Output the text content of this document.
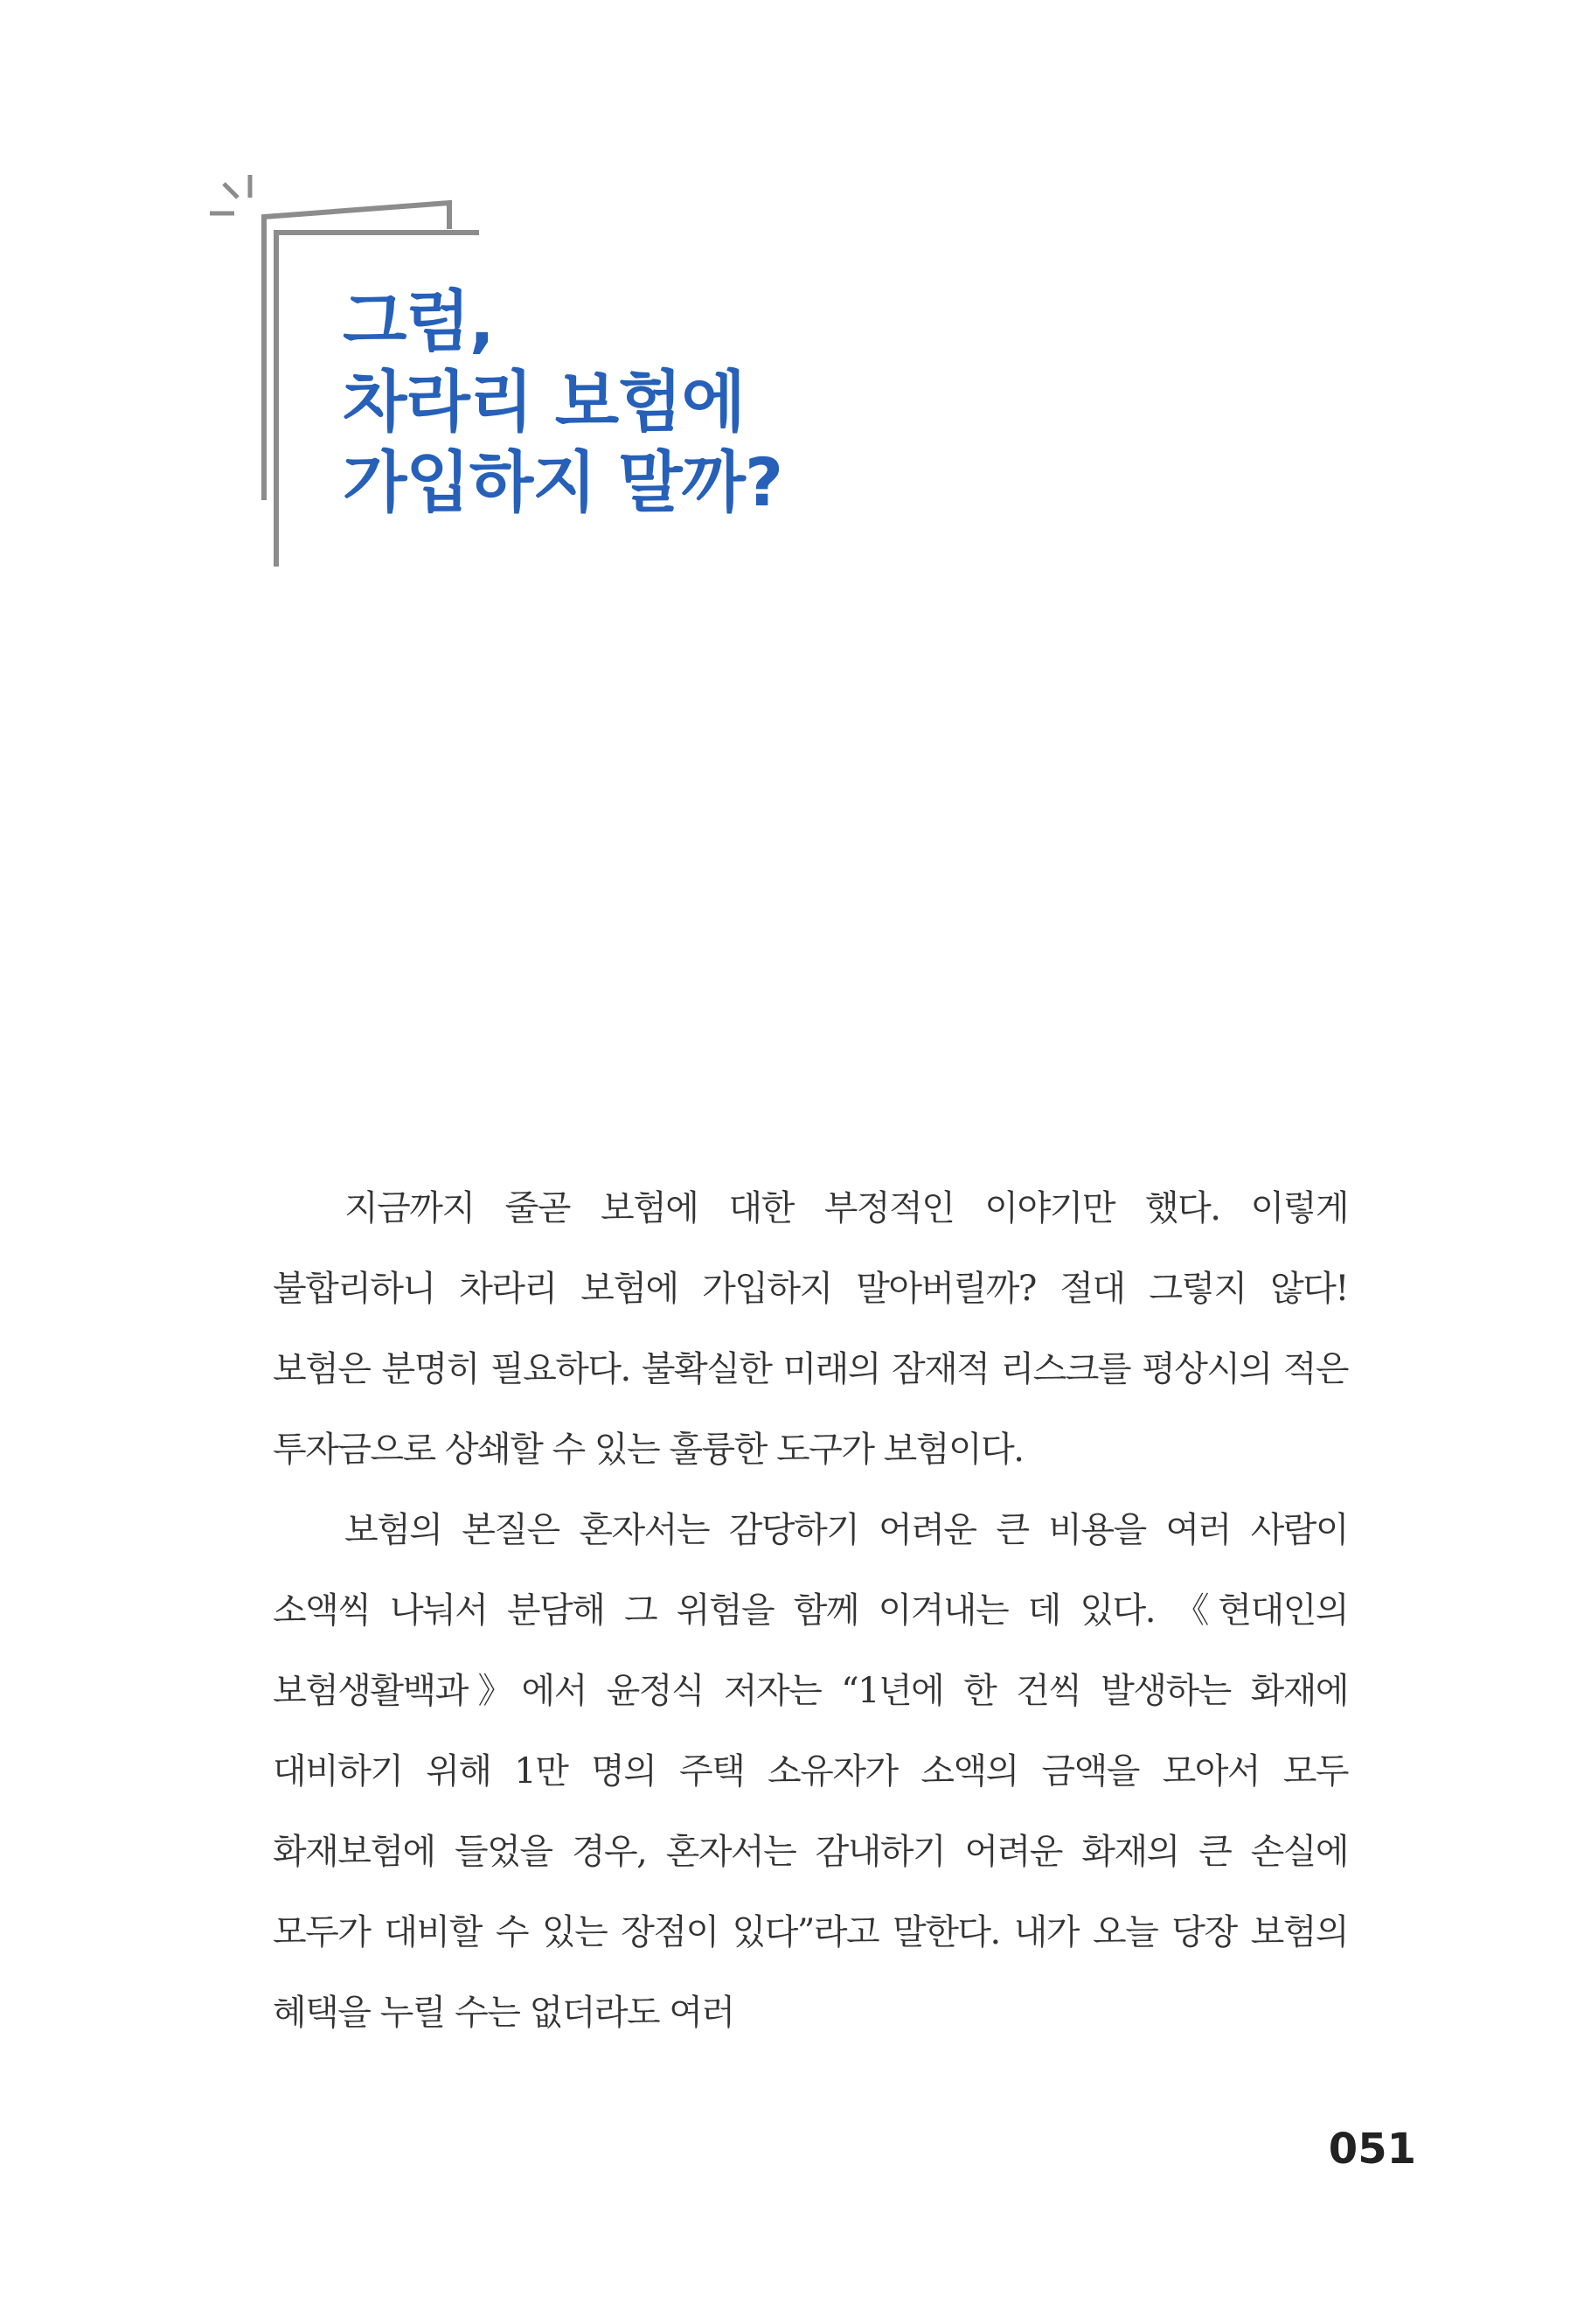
그럼,
차라리 보험에
가입하지 말까?

지금까지 줄곧 보험에 대한 부정적인 이야기만 했다. 이렇게 불합리하니 차라리 보험에 가입하지 말아버릴까? 절대 그렇지 않다! 보험은 분명히 필요하다. 불확실한 미래의 잠재적 리스크를 평상시의 적은 투자금으로 상쇄할 수 있는 훌륭한 도구가 보험이다.

보험의 본질은 혼자서는 감당하기 어려운 큰 비용을 여러 사람이 소액씩 나눠서 분담해 그 위험을 함께 이겨내는 데 있다. 《현대인의 보험생활백과》에서 윤정식 저자는 “1년에 한 건씩 발생하는 화재에 대비하기 위해 1만 명의 주택 소유자가 소액의 금액을 모아서 모두 화재보험에 들었을 경우, 혼자서는 감내하기 어려운 화재의 큰 손실에 모두가 대비할 수 있는 장점이 있다”라고 말한다. 내가 오늘 당장 보험의 혜택을 누릴 수는 없더라도 여러

051
